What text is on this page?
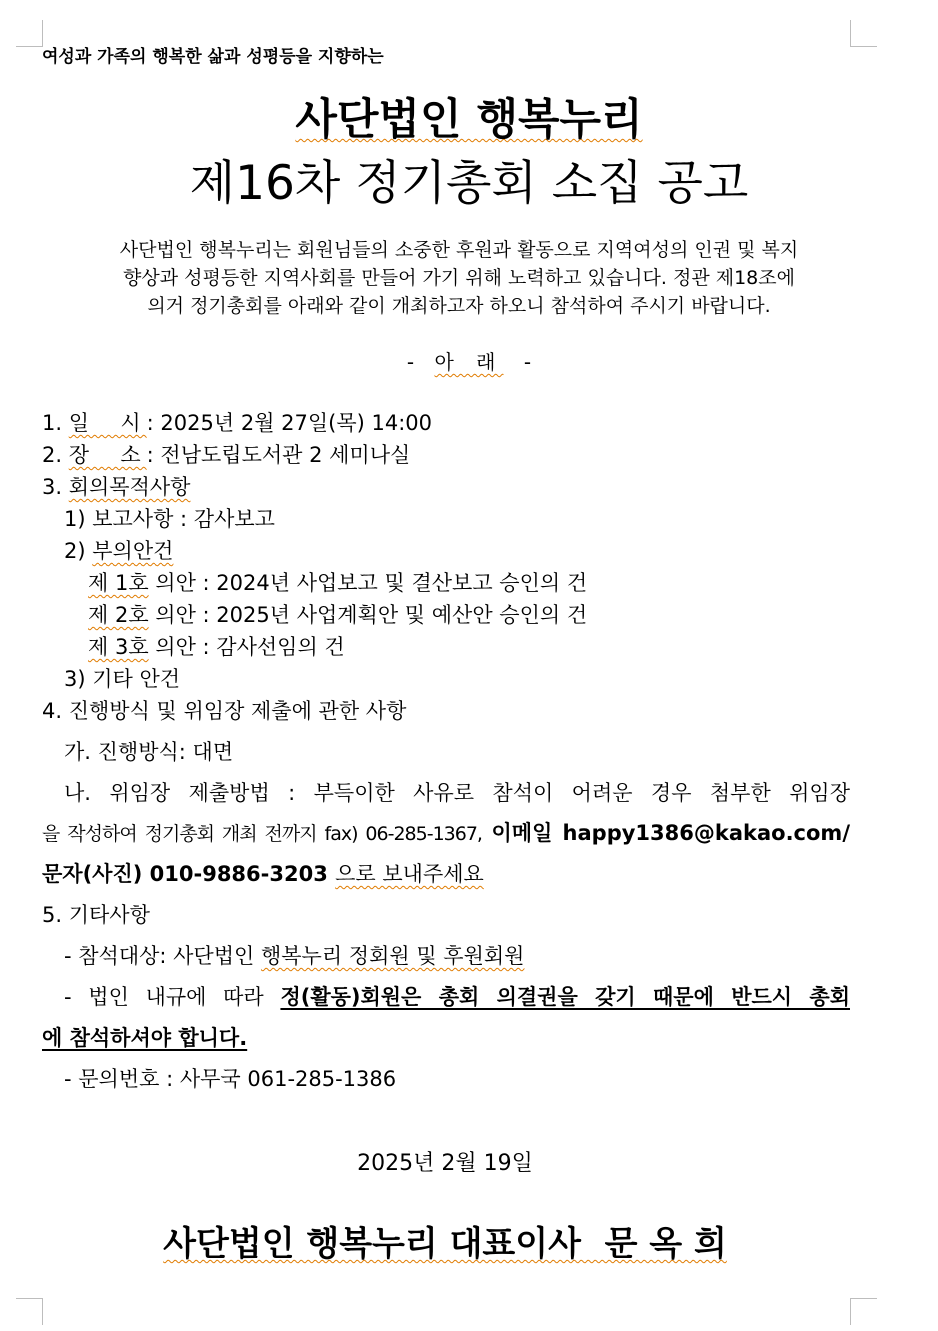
여성과 가족의 행복한 삶과 성평등을 지향하는
사단법인 행복누리
제16차 정기총회 소집 공고
사단법인 행복누리는 회원님들의 소중한 후원과 활동으로 지역여성의 인권 및 복지
향상과 성평등한 지역사회를 만들어 가기 위해 노력하고 있습니다. 정관 제18조에
의거 정기총회를 아래와 같이 개최하고자 하오니 참석하여 주시기 바랍니다.
- 아 래 -
1. 일  시: 2025년 2월 27일(목) 14:00
2. 장  소: 전남도립도서관 2 세미나실
3. 회의목적사항
1) 보고사항 : 감사보고
2) 부의안건
제 1호 의안 : 2024년 사업보고 및 결산보고 승인의 건
제 2호 의안 : 2025년 사업계획안 및 예산안 승인의 건
제 3호 의안 : 감사선임의 건
3) 기타 안건
4. 진행방식 및 위임장 제출에 관한 사항
가. 진행방식: 대면
나. 위임장 제출방법 : 부득이한 사유로 참석이 어려운 경우 첨부한 위임장
을 작성하여 정기총회 개최 전까지 fax) 06-285-1367, 이메일 happy1386@kakao.com/
문자(사진) 010-9886-3203 으로 보내주세요
5. 기타사항
- 참석대상: 사단법인 행복누리 정회원 및 후원회원
- 법인 내규에 따라 정(활동)회원은 총회 의결권을 갖기 때문에 반드시 총회
에 참석하셔야 합니다.
- 문의번호 : 사무국 061-285-1386
2025년 2월 19일
사단법인 행복누리 대표이사  문 옥 희
